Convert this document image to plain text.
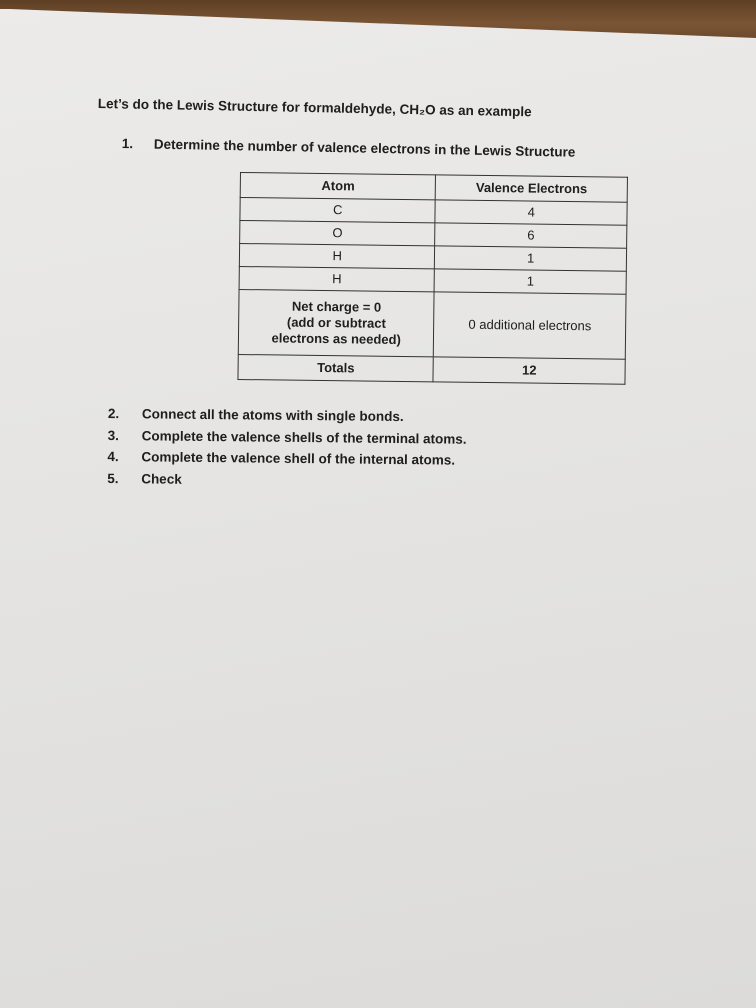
Let’s do the Lewis Structure for formaldehyde, CH₂O as an example
1. Determine the number of valence electrons in the Lewis Structure
Atom	Valence Electrons
C	4
O	6
H	1
H	1

Net charge = 0
(add or subtract
electrons as needed)	0 additional electrons
Totals	12
2. Connect all the atoms with single bonds.
3. Complete the valence shells of the terminal atoms.
4. Complete the valence shell of the internal atoms.
5. Check
